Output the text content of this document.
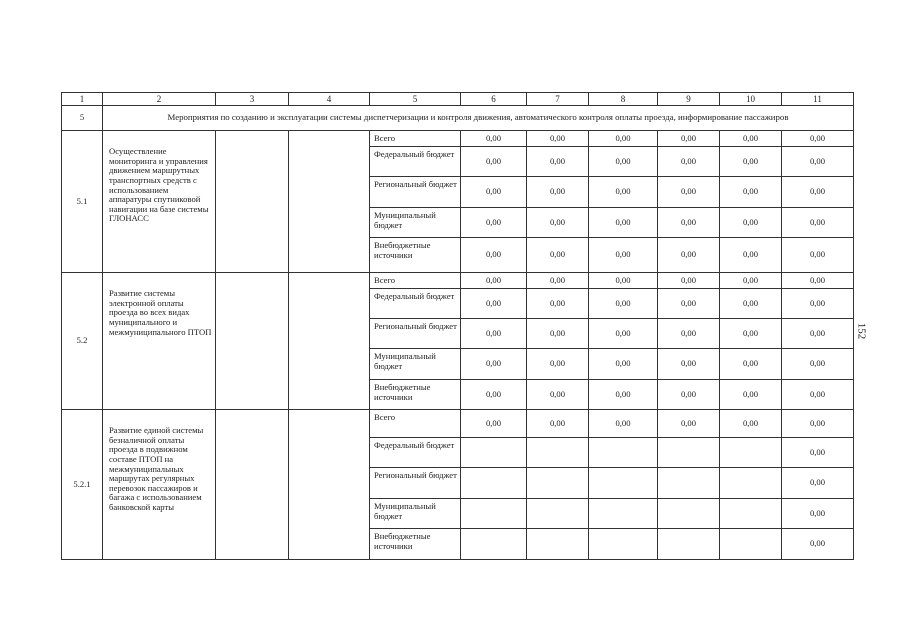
1	2	3	4	5	6	7	8	9	10	11
5	Мероприятия по созданию и эксплуатации системы диспетчеризации и контроля движения, автоматического контроля оплаты проезда, информирование пассажиров									
5.1	Осуществление мониторинга и управления движением маршрутных транспортных средств с использованием аппаратуры спутниковой навигации на базе системы ГЛОНАСС			Всего	0,00	0,00	0,00	0,00	0,00	0,00
				Федеральный бюджет	0,00	0,00	0,00	0,00	0,00	0,00
				Региональный бюджет	0,00	0,00	0,00	0,00	0,00	0,00
				Муниципальный бюджет	0,00	0,00	0,00	0,00	0,00	0,00
				Внебюджетные источники	0,00	0,00	0,00	0,00	0,00	0,00
5.2	Развитие системы электронной оплаты проезда во всех видах муниципального и межмуниципального ПТОП			Всего	0,00	0,00	0,00	0,00	0,00	0,00
				Федеральный бюджет	0,00	0,00	0,00	0,00	0,00	0,00
				Региональный бюджет	0,00	0,00	0,00	0,00	0,00	0,00
				Муниципальный бюджет	0,00	0,00	0,00	0,00	0,00	0,00
				Внебюджетные источники	0,00	0,00	0,00	0,00	0,00	0,00
5.2.1	Развитие единой системы безналичной оплаты проезда в подвижном составе ПТОП на межмуниципальных маршрутах регулярных перевозок пассажиров и багажа с использованием банковской карты			Всего	0,00	0,00	0,00	0,00	0,00	0,00
				Федеральный бюджет						0,00
				Региональный бюджет						0,00
				Муниципальный бюджет						0,00
				Внебюджетные источники						0,00
152
